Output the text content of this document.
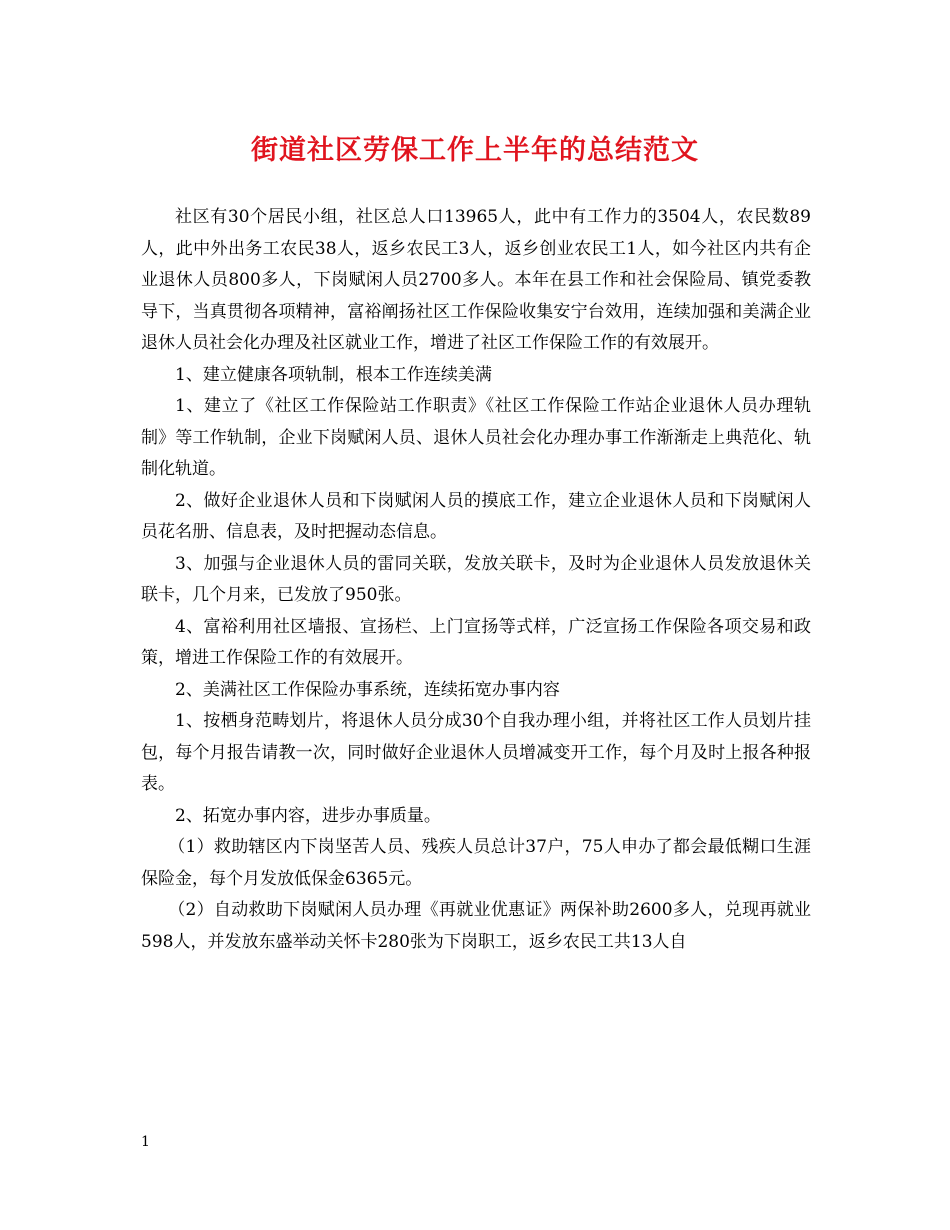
街道社区劳保工作上半年的总结范文

社区有30个居民小组，社区总人口13965人，此中有工作力的3504人，农民数89人，此中外出务工农民38人，返乡农民工3人，返乡创业农民工1人，如今社区内共有企业退休人员800多人，下岗赋闲人员2700多人。本年在县工作和社会保险局、镇党委教导下，当真贯彻各项精神，富裕阐扬社区工作保险收集安宁台效用，连续加强和美满企业退休人员社会化办理及社区就业工作，增进了社区工作保险工作的有效展开。

1、建立健康各项轨制，根本工作连续美满

1、建立了《社区工作保险站工作职责》《社区工作保险工作站企业退休人员办理轨制》等工作轨制，企业下岗赋闲人员、退休人员社会化办理办事工作渐渐走上典范化、轨制化轨道。

2、做好企业退休人员和下岗赋闲人员的摸底工作，建立企业退休人员和下岗赋闲人员花名册、信息表，及时把握动态信息。

3、加强与企业退休人员的雷同关联，发放关联卡，及时为企业退休人员发放退休关联卡，几个月来，已发放了950张。

4、富裕利用社区墙报、宣扬栏、上门宣扬等式样，广泛宣扬工作保险各项交易和政策，增进工作保险工作的有效展开。

2、美满社区工作保险办事系统，连续拓宽办事内容

1、按栖身范畴划片，将退休人员分成30个自我办理小组，并将社区工作人员划片挂包，每个月报告请教一次，同时做好企业退休人员增减变开工作，每个月及时上报各种报表。

2、拓宽办事内容，进步办事质量。

（1）救助辖区内下岗坚苦人员、残疾人员总计37户，75人申办了都会最低糊口生涯保险金，每个月发放低保金6365元。

（2）自动救助下岗赋闲人员办理《再就业优惠证》两保补助2600多人，兑现再就业598人，并发放东盛举动关怀卡280张为下岗职工，返乡农民工共13人自

1
